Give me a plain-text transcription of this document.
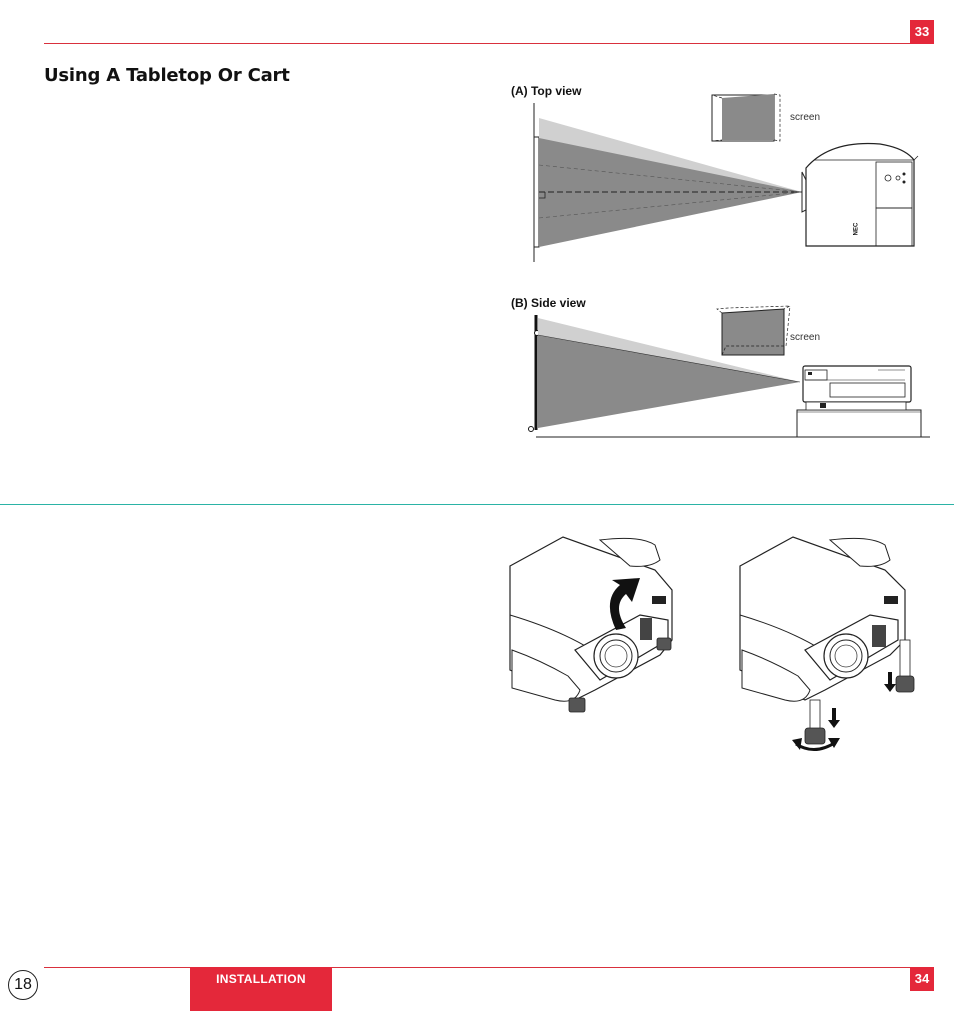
33
Using A Tabletop Or Cart
(A) Top view
screen
(B) Side view
screen
NEC
18	INSTALLATION	34
